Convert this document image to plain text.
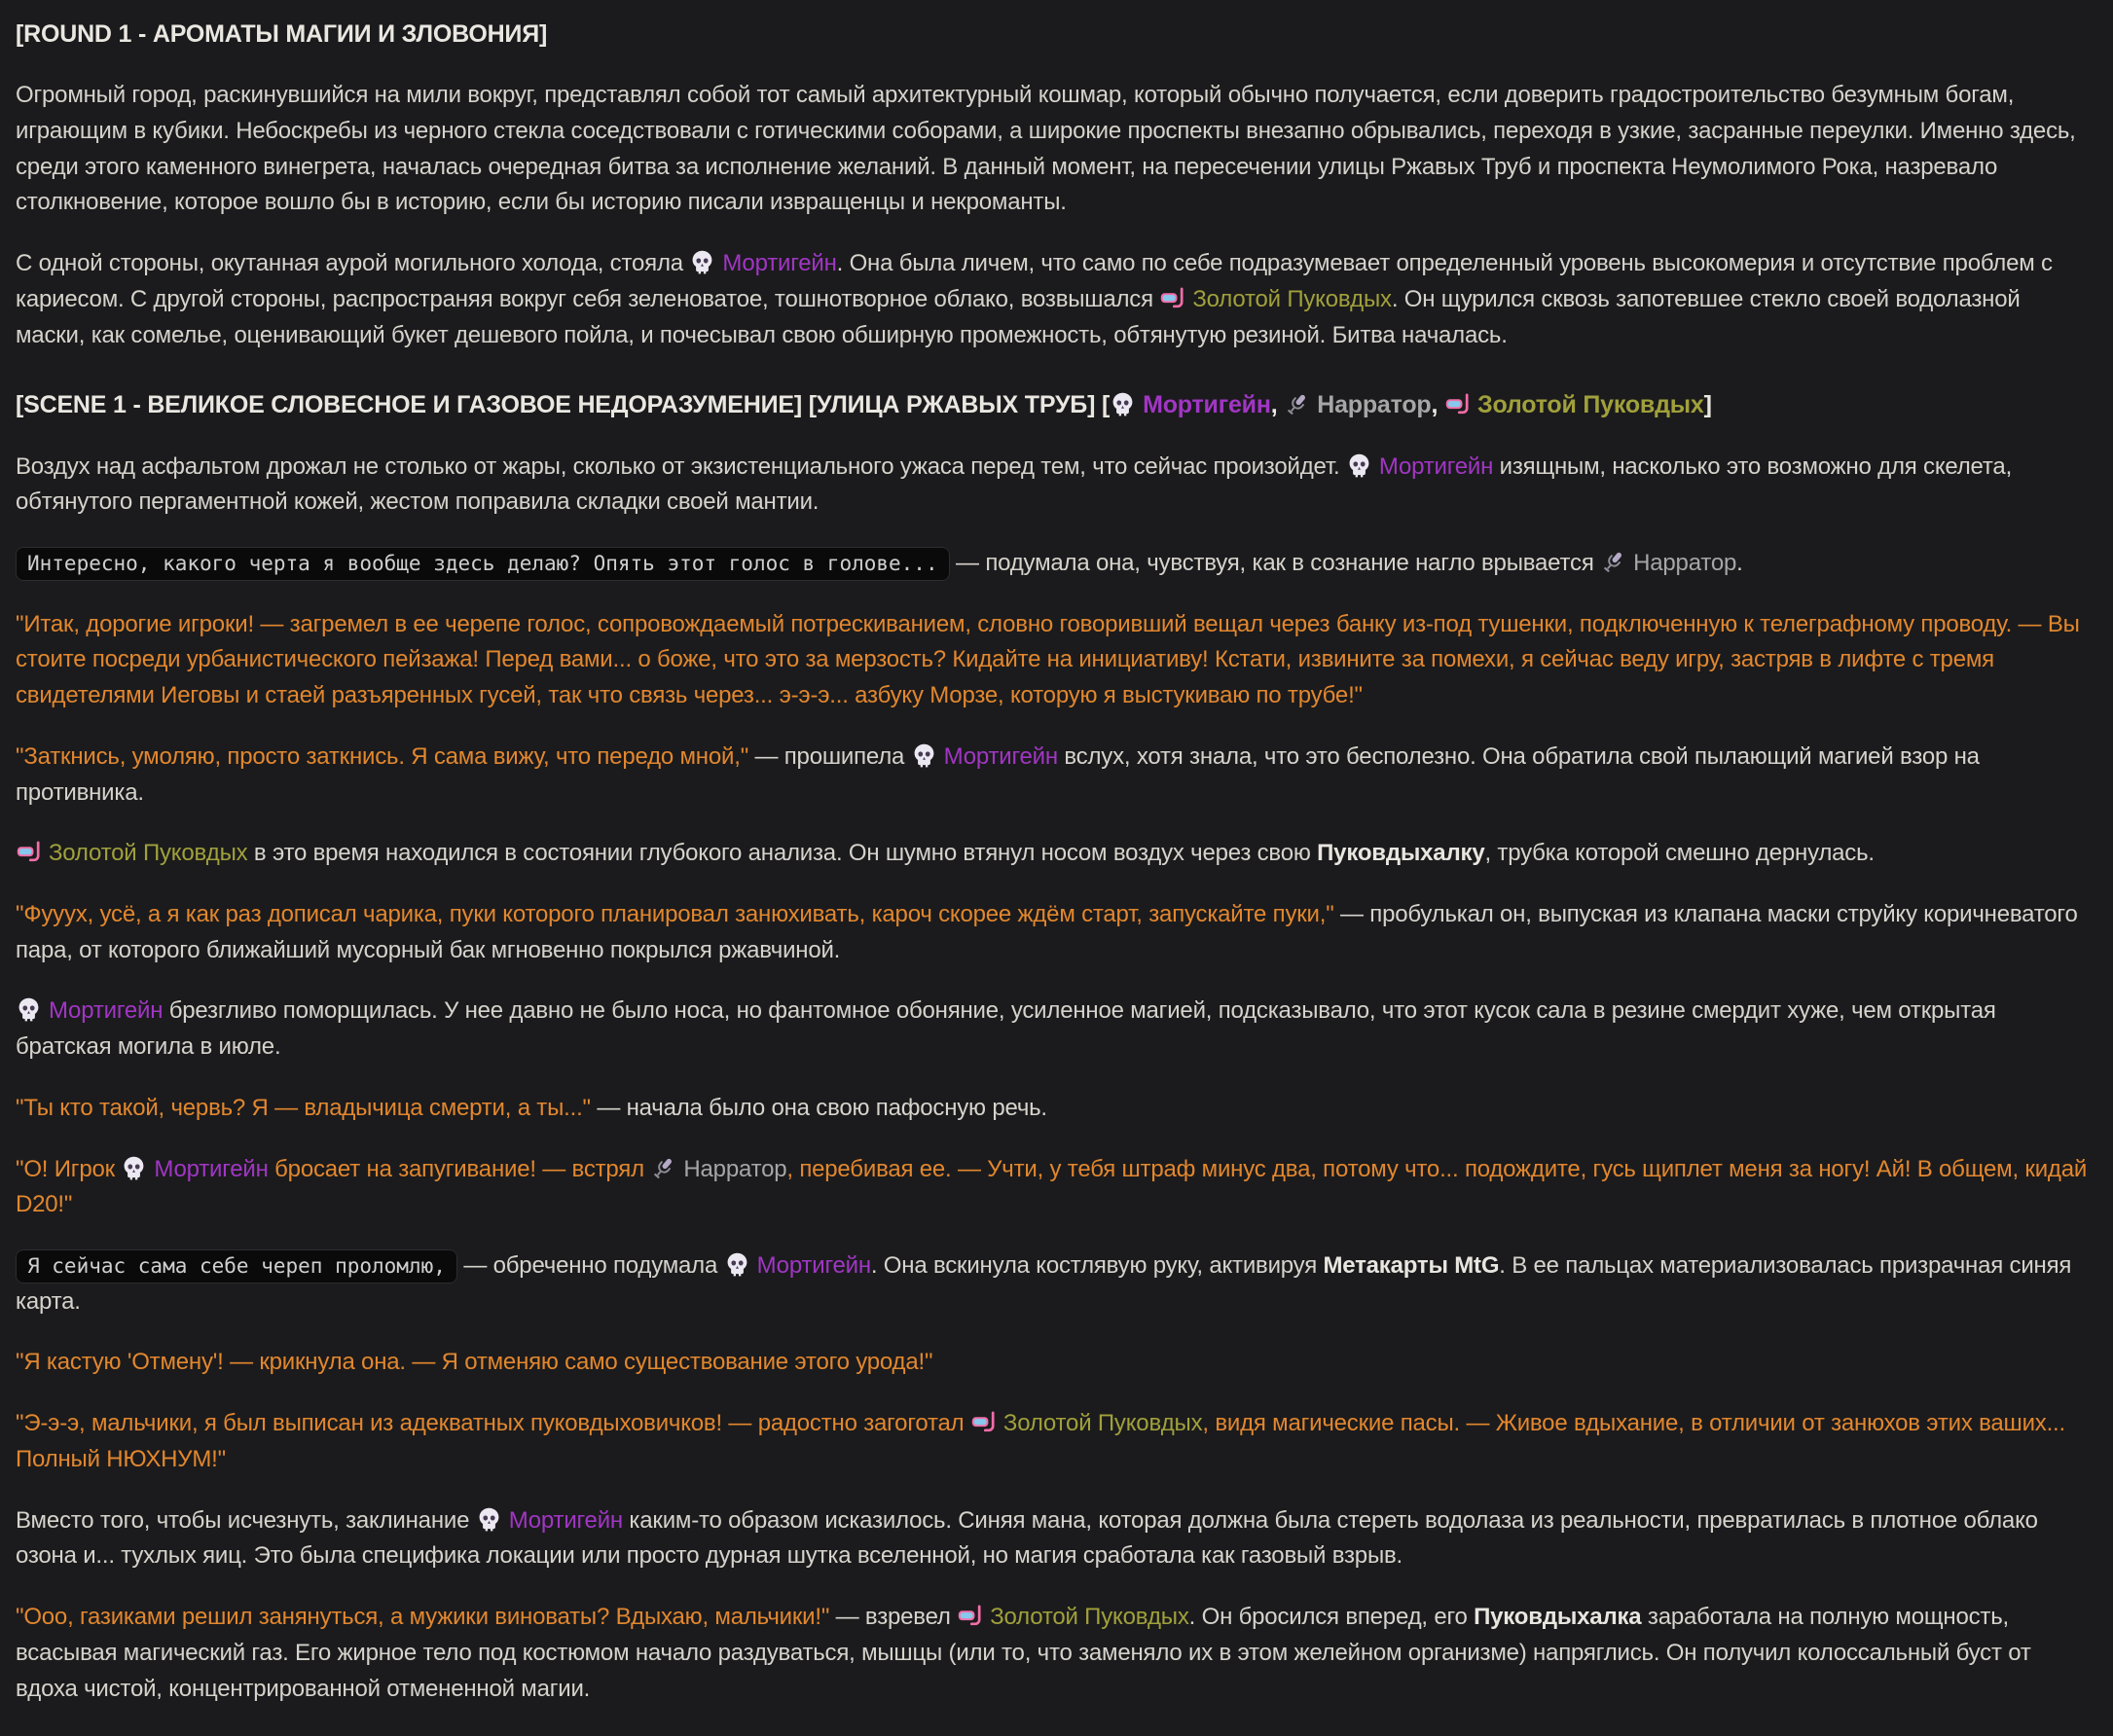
[ROUND 1 - АРОМАТЫ МАГИИ И ЗЛОВОНИЯ]

Огромный город, раскинувшийся на мили вокруг, представлял собой тот самый архитектурный кошмар, который обычно получается, если доверить градостроительство безумным богам, играющим в кубики. Небоскребы из черного стекла соседствовали с готическими соборами, а широкие проспекты внезапно обрывались, переходя в узкие, засранные переулки. Именно здесь, среди этого каменного винегрета, началась очередная битва за исполнение желаний. В данный момент, на пересечении улицы Ржавых Труб и проспекта Неумолимого Рока, назревало столкновение, которое вошло бы в историю, если бы историю писали извращенцы и некроманты.

С одной стороны, окутанная аурой могильного холода, стояла
Мортигейн. Она была личем, что само по себе подразумевает определенный уровень высокомерия и отсутствие проблем с кариесом. С другой стороны, распространяя вокруг себя зеленоватое, тошнотворное облако, возвышался
Золотой Пуковдых. Он щурился сквозь запотевшее стекло своей водолазной маски, как сомелье, оценивающий букет дешевого пойла, и почесывал свою обширную промежность, обтянутую резиной. Битва началась.

[SCENE 1 - ВЕЛИКОЕ СЛОВЕСНОЕ И ГАЗОВОЕ НЕДОРАЗУМЕНИЕ] [УЛИЦА РЖАВЫХ ТРУБ] [ Мортигейн,
Нарратор,
Золотой Пуковдых]

Воздух над асфальтом дрожал не столько от жары, сколько от экзистенциального ужаса перед тем, что сейчас произойдет.
Мортигейн изящным, насколько это возможно для скелета, обтянутого пергаментной кожей, жестом поправила складки своей мантии.

Интересно, какого черта я вообще здесь делаю? Опять этот голос в голове... — подумала она, чувствуя, как в сознание нагло врывается
Нарратор.

"Итак, дорогие игроки! — загремел в ее черепе голос, сопровождаемый потрескиванием, словно говоривший вещал через банку из-под тушенки, подключенную к телеграфному проводу. — Вы стоите посреди урбанистического пейзажа! Перед вами... о боже, что это за мерзость? Кидайте на инициативу! Кстати, извините за помехи, я сейчас веду игру, застряв в лифте с тремя свидетелями Иеговы и стаей разъяренных гусей, так что связь через... э-э-э... азбуку Морзе, которую я выстукиваю по трубе!"

"Заткнись, умоляю, просто заткнись. Я сама вижу, что передо мной," — прошипела
Мортигейн вслух, хотя знала, что это бесполезно. Она обратила свой пылающий магией взор на противника.

Золотой Пуковдых в это время находился в состоянии глубокого анализа. Он шумно втянул носом воздух через свою Пуковдыхалку, трубка которой смешно дернулась.

"Фууух, усё, а я как раз дописал чарика, пуки которого планировал занюхивать, кароч скорее ждём старт, запускайте пуки," — пробулькал он, выпуская из клапана маски струйку коричневатого пара, от которого ближайший мусорный бак мгновенно покрылся ржавчиной.

Мортигейн брезгливо поморщилась. У нее давно не было носа, но фантомное обоняние, усиленное магией, подсказывало, что этот кусок сала в резине смердит хуже, чем открытая братская могила в июле.

"Ты кто такой, червь? Я — владычица смерти, а ты..." — начала было она свою пафосную речь.

"О! Игрок
Мортигейн бросает на запугивание! — встрял
Нарратор, перебивая ее. — Учти, у тебя штраф минус два, потому что... подождите, гусь щиплет меня за ногу! Ай! В общем, кидай D20!"

Я сейчас сама себе череп проломлю, — обреченно подумала
Мортигейн. Она вскинула костлявую руку, активируя Метакарты MtG. В ее пальцах материализовалась призрачная синяя карта.

"Я кастую 'Отмену'! — крикнула она. — Я отменяю само существование этого урода!"

"Э-э-э, мальчики, я был выписан из адекватных пуковдыховичков! — радостно загоготал
Золотой Пуковдых, видя магические пасы. — Живое вдыхание, в отличии от занюхов этих ваших... Полный НЮХНУМ!"

Вместо того, чтобы исчезнуть, заклинание
Мортигейн каким-то образом исказилось. Синяя мана, которая должна была стереть водолаза из реальности, превратилась в плотное облако озона и... тухлых яиц. Это была специфика локации или просто дурная шутка вселенной, но магия сработала как газовый взрыв.

"Ооо, газиками решил занянуться, а мужики виноваты? Вдыхаю, мальчики!" — взревел
Золотой Пуковдых. Он бросился вперед, его Пуковдыхалка заработала на полную мощность, всасывая магический газ. Его жирное тело под костюмом начало раздуваться, мышцы (или то, что заменяло их в этом желейном организме) напряглись. Он получил колоссальный буст от вдоха чистой, концентрированной отмененной магии.
